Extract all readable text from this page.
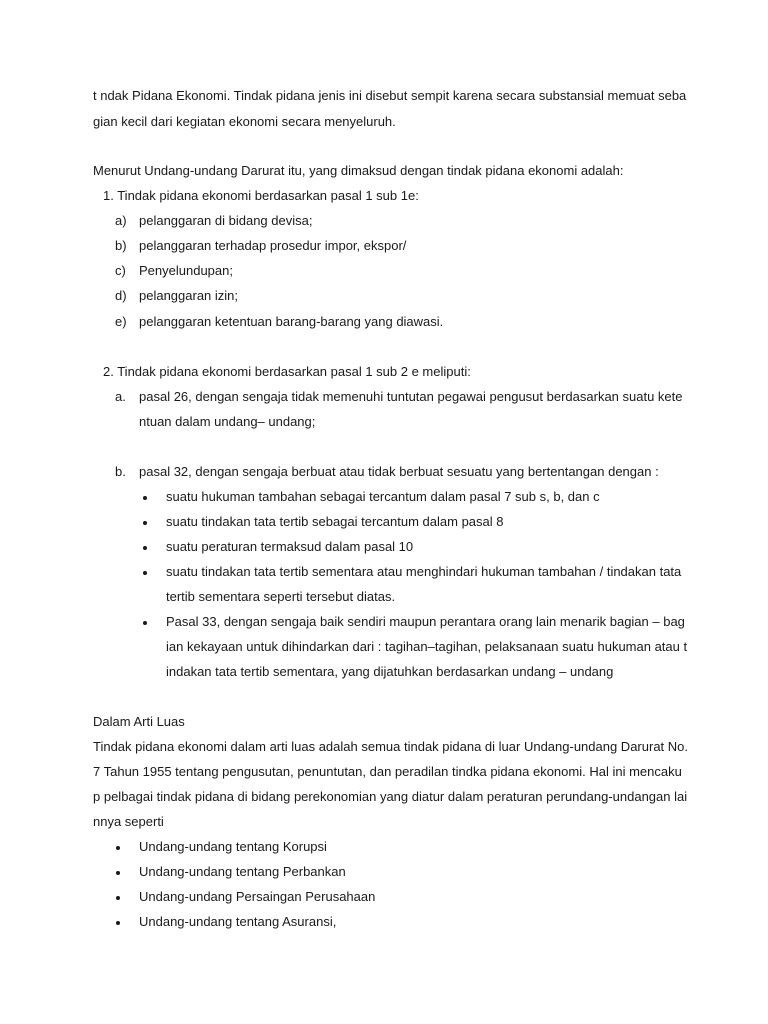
t ndak Pidana Ekonomi. Tindak pidana jenis ini disebut sempit karena secara substansial memuat seba
gian kecil dari kegiatan ekonomi secara menyeluruh.
Menurut Undang-undang Darurat itu, yang dimaksud dengan tindak pidana ekonomi adalah:
1. Tindak pidana ekonomi berdasarkan pasal 1 sub 1e:
a) pelanggaran di bidang devisa;
b) pelanggaran terhadap prosedur impor, ekspor/
c) Penyelundupan;
d) pelanggaran izin;
e) pelanggaran ketentuan barang-barang yang diawasi.
2. Tindak pidana ekonomi berdasarkan pasal 1 sub 2 e meliputi:
a. pasal 26, dengan sengaja tidak memenuhi tuntutan pegawai pengusut berdasarkan suatu kete
ntuan dalam undang– undang;
b. pasal 32, dengan sengaja berbuat atau tidak berbuat sesuatu yang bertentangan dengan :
suatu hukuman tambahan sebagai tercantum dalam pasal 7 sub s, b, dan c
suatu tindakan tata tertib sebagai tercantum dalam pasal 8
suatu peraturan termaksud dalam pasal 10
suatu tindakan tata tertib sementara atau menghindari hukuman tambahan / tindakan tata
tertib sementara seperti tersebut diatas.
Pasal 33, dengan sengaja baik sendiri maupun perantara orang lain menarik bagian – bag
ian kekayaan untuk dihindarkan dari : tagihan–tagihan, pelaksanaan suatu hukuman atau t
indakan tata tertib sementara, yang dijatuhkan berdasarkan undang – undang
Dalam Arti Luas
Tindak pidana ekonomi dalam arti luas adalah semua tindak pidana di luar Undang-undang Darurat No.
7 Tahun 1955 tentang pengusutan, penuntutan, dan peradilan tindka pidana ekonomi. Hal ini mencaku
p pelbagai tindak pidana di bidang perekonomian yang diatur dalam peraturan perundang-undangan lai
nnya seperti
Undang-undang tentang Korupsi
Undang-undang tentang Perbankan
Undang-undang Persaingan Perusahaan
Undang-undang tentang Asuransi,
